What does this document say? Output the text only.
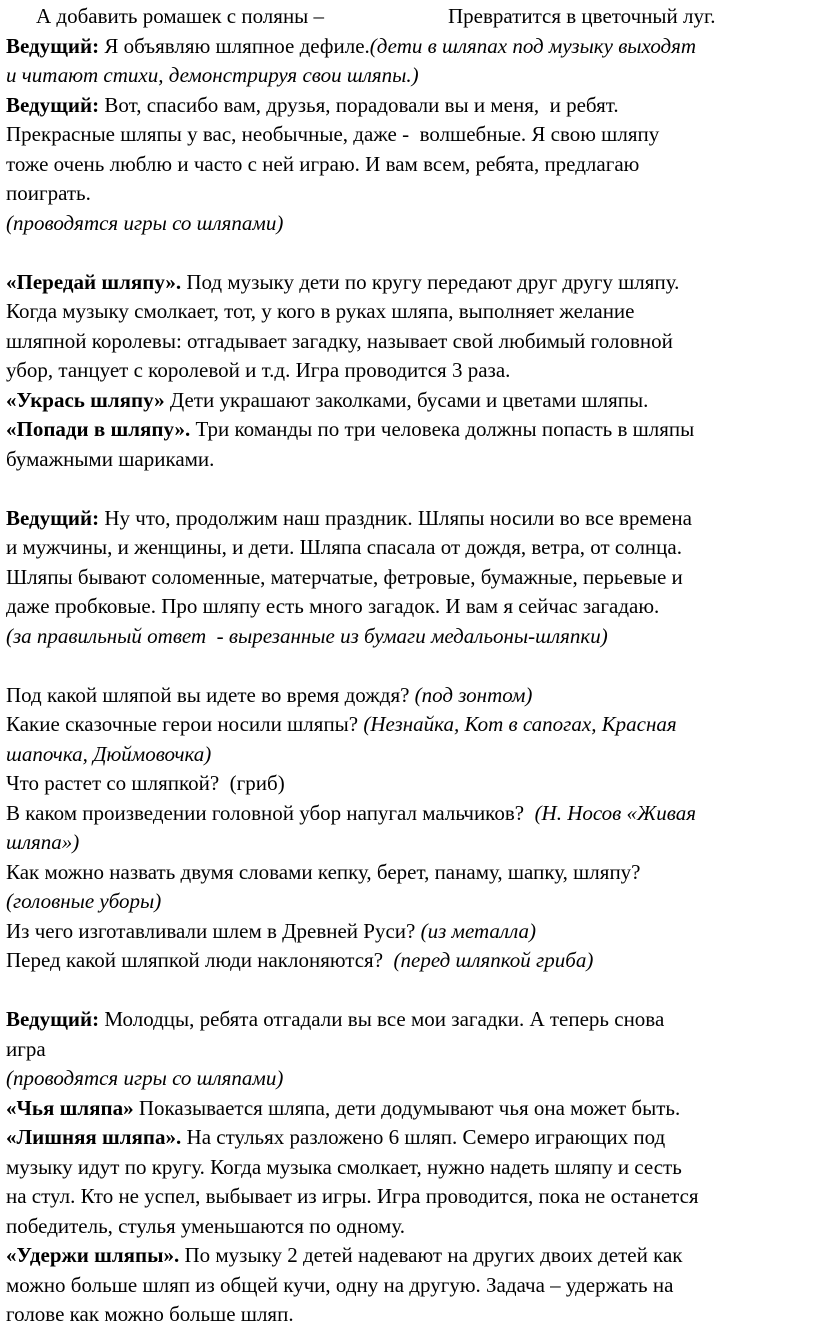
А добавить ромашек с поляны –	Превратится в цветочный луг.
Ведущий: Я объявляю шляпное дефиле.(дети в шляпах под музыку выходят
и читают стихи, демонстрируя свои шляпы.)
Ведущий: Вот, спасибо вам, друзья, порадовали вы и меня,  и ребят.
Прекрасные шляпы у вас, необычные, даже -  волшебные. Я свою шляпу
тоже очень люблю и часто с ней играю. И вам всем, ребята, предлагаю
поиграть.
(проводятся игры со шляпами)
«Передай шляпу». Под музыку дети по кругу передают друг другу шляпу.
Когда музыку смолкает, тот, у кого в руках шляпа, выполняет желание
шляпной королевы: отгадывает загадку, называет свой любимый головной
убор, танцует с королевой и т.д. Игра проводится 3 раза.
«Укрась шляпу» Дети украшают заколками, бусами и цветами шляпы.
«Попади в шляпу». Три команды по три человека должны попасть в шляпы
бумажными шариками.
Ведущий: Ну что, продолжим наш праздник. Шляпы носили во все времена
и мужчины, и женщины, и дети. Шляпа спасала от дождя, ветра, от солнца.
Шляпы бывают соломенные, матерчатые, фетровые, бумажные, перьевые и
даже пробковые. Про шляпу есть много загадок. И вам я сейчас загадаю.
(за правильный ответ  - вырезанные из бумаги медальоны-шляпки)
Под какой шляпой вы идете во время дождя? (под зонтом)
Какие сказочные герои носили шляпы? (Незнайка, Кот в сапогах, Красная
шапочка, Дюймовочка)
Что растет со шляпкой?  (гриб)
В каком произведении головной убор напугал мальчиков?  (Н. Носов «Живая
шляпа»)
Как можно назвать двумя словами кепку, берет, панаму, шапку, шляпу?
(головные уборы)
Из чего изготавливали шлем в Древней Руси? (из металла)
Перед какой шляпкой люди наклоняются?  (перед шляпкой гриба)
Ведущий: Молодцы, ребята отгадали вы все мои загадки. А теперь снова
игра
(проводятся игры со шляпами)
«Чья шляпа» Показывается шляпа, дети додумывают чья она может быть.
«Лишняя шляпа». На стульях разложено 6 шляп. Семеро играющих под
музыку идут по кругу. Когда музыка смолкает, нужно надеть шляпу и сесть
на стул. Кто не успел, выбывает из игры. Игра проводится, пока не останется
победитель, стулья уменьшаются по одному.
«Удержи шляпы». По музыку 2 детей надевают на других двоих детей как
можно больше шляп из общей кучи, одну на другую. Задача – удержать на
голове как можно больше шляп.
